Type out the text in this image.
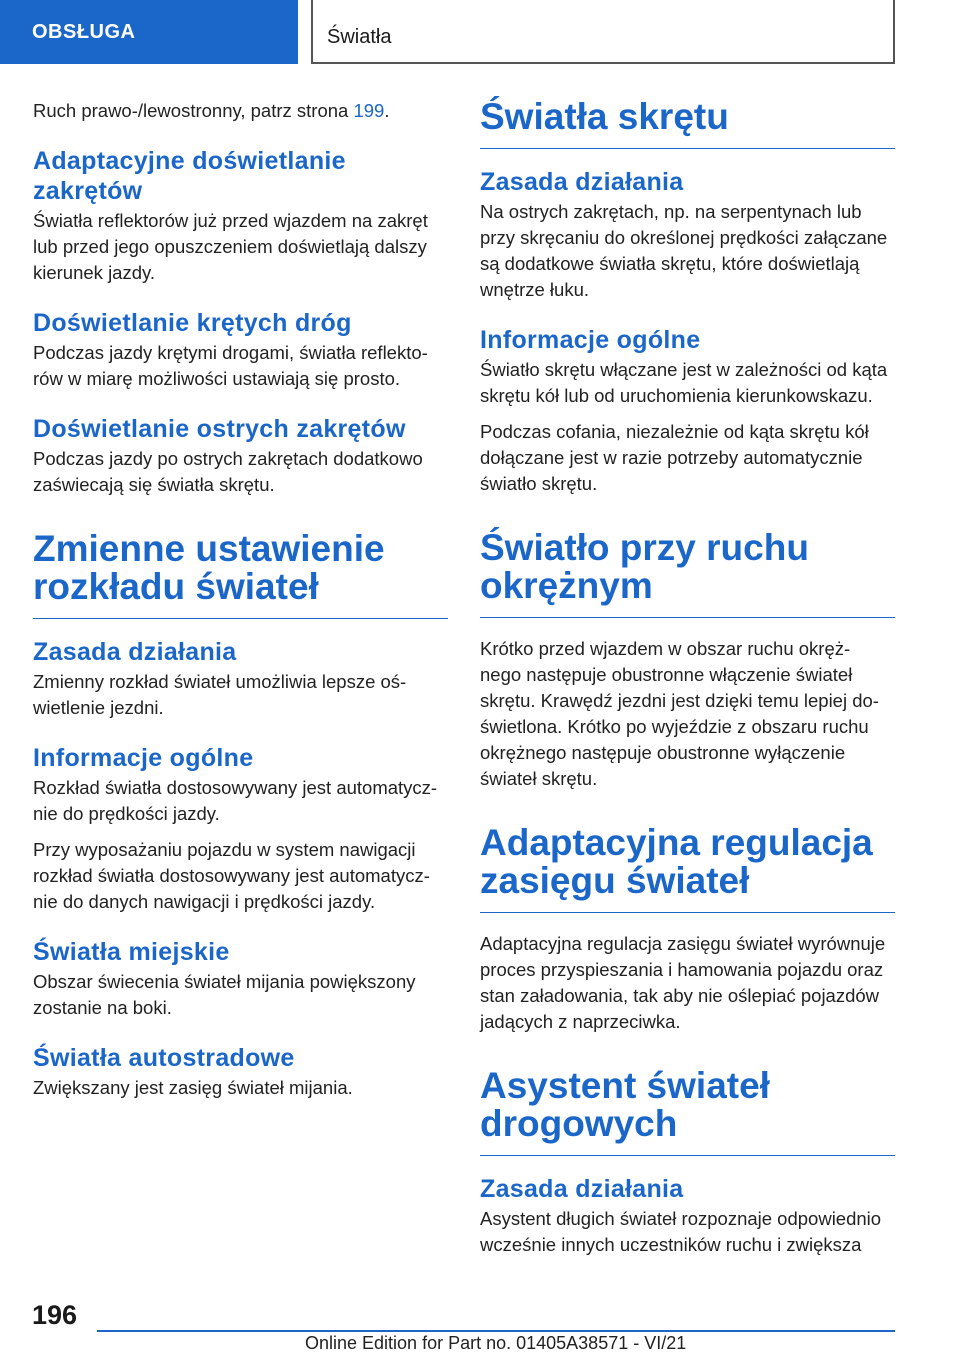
OBSŁUGA	Światła

Ruch prawo-/lewostronny, patrz strona 199.

Adaptacyjne doświetlanie zakrętów

Światła reflektorów już przed wjazdem na zakręt lub przed jego opuszczeniem doświetlają dalszy kierunek jazdy.

Doświetlanie krętych dróg

Podczas jazdy krętymi drogami, światła reflekto‐ rów w miarę możliwości ustawiają się prosto.

Doświetlanie ostrych zakrętów

Podczas jazdy po ostrych zakrętach dodatkowo zaświecają się światła skrętu.

Zmienne ustawienie rozkładu świateł
Zasada działania

Zmienny rozkład świateł umożliwia lepsze oś‐ wietlenie jezdni.

Informacje ogólne

Rozkład światła dostosowywany jest automatycz‐ nie do prędkości jazdy.

Przy wyposażaniu pojazdu w system nawigacji rozkład światła dostosowywany jest automatycz‐ nie do danych nawigacji i prędkości jazdy.

Światła miejskie

Obszar świecenia świateł mijania powiększony zostanie na boki.

Światła autostradowe

Zwiększany jest zasięg świateł mijania.

Światła skrętu
Zasada działania

Na ostrych zakrętach, np. na serpentynach lub przy skręcaniu do określonej prędkości załączane są dodatkowe światła skrętu, które doświetlają wnętrze łuku.

Informacje ogólne

Światło skrętu włączane jest w zależności od kąta skrętu kół lub od uruchomienia kierunkowskazu.

Podczas cofania, niezależnie od kąta skrętu kół dołączane jest w razie potrzeby automatycznie światło skrętu.

Światło przy ruchu okrężnym

Krótko przed wjazdem w obszar ruchu okręż‐ nego następuje obustronne włączenie świateł skrętu. Krawędź jezdni jest dzięki temu lepiej do‐ świetlona. Krótko po wyjeździe z obszaru ruchu okrężnego następuje obustronne wyłączenie świateł skrętu.

Adaptacyjna regulacja zasięgu świateł

Adaptacyjna regulacja zasięgu świateł wyrównuje proces przyspieszania i hamowania pojazdu oraz stan załadowania, tak aby nie oślepiać pojazdów jadących z naprzeciwka.

Asystent świateł drogowych
Zasada działania

Asystent długich świateł rozpoznaje odpowiednio wcześnie innych uczestników ruchu i zwiększa

196
Online Edition for Part no. 01405A38571 - VI/21
